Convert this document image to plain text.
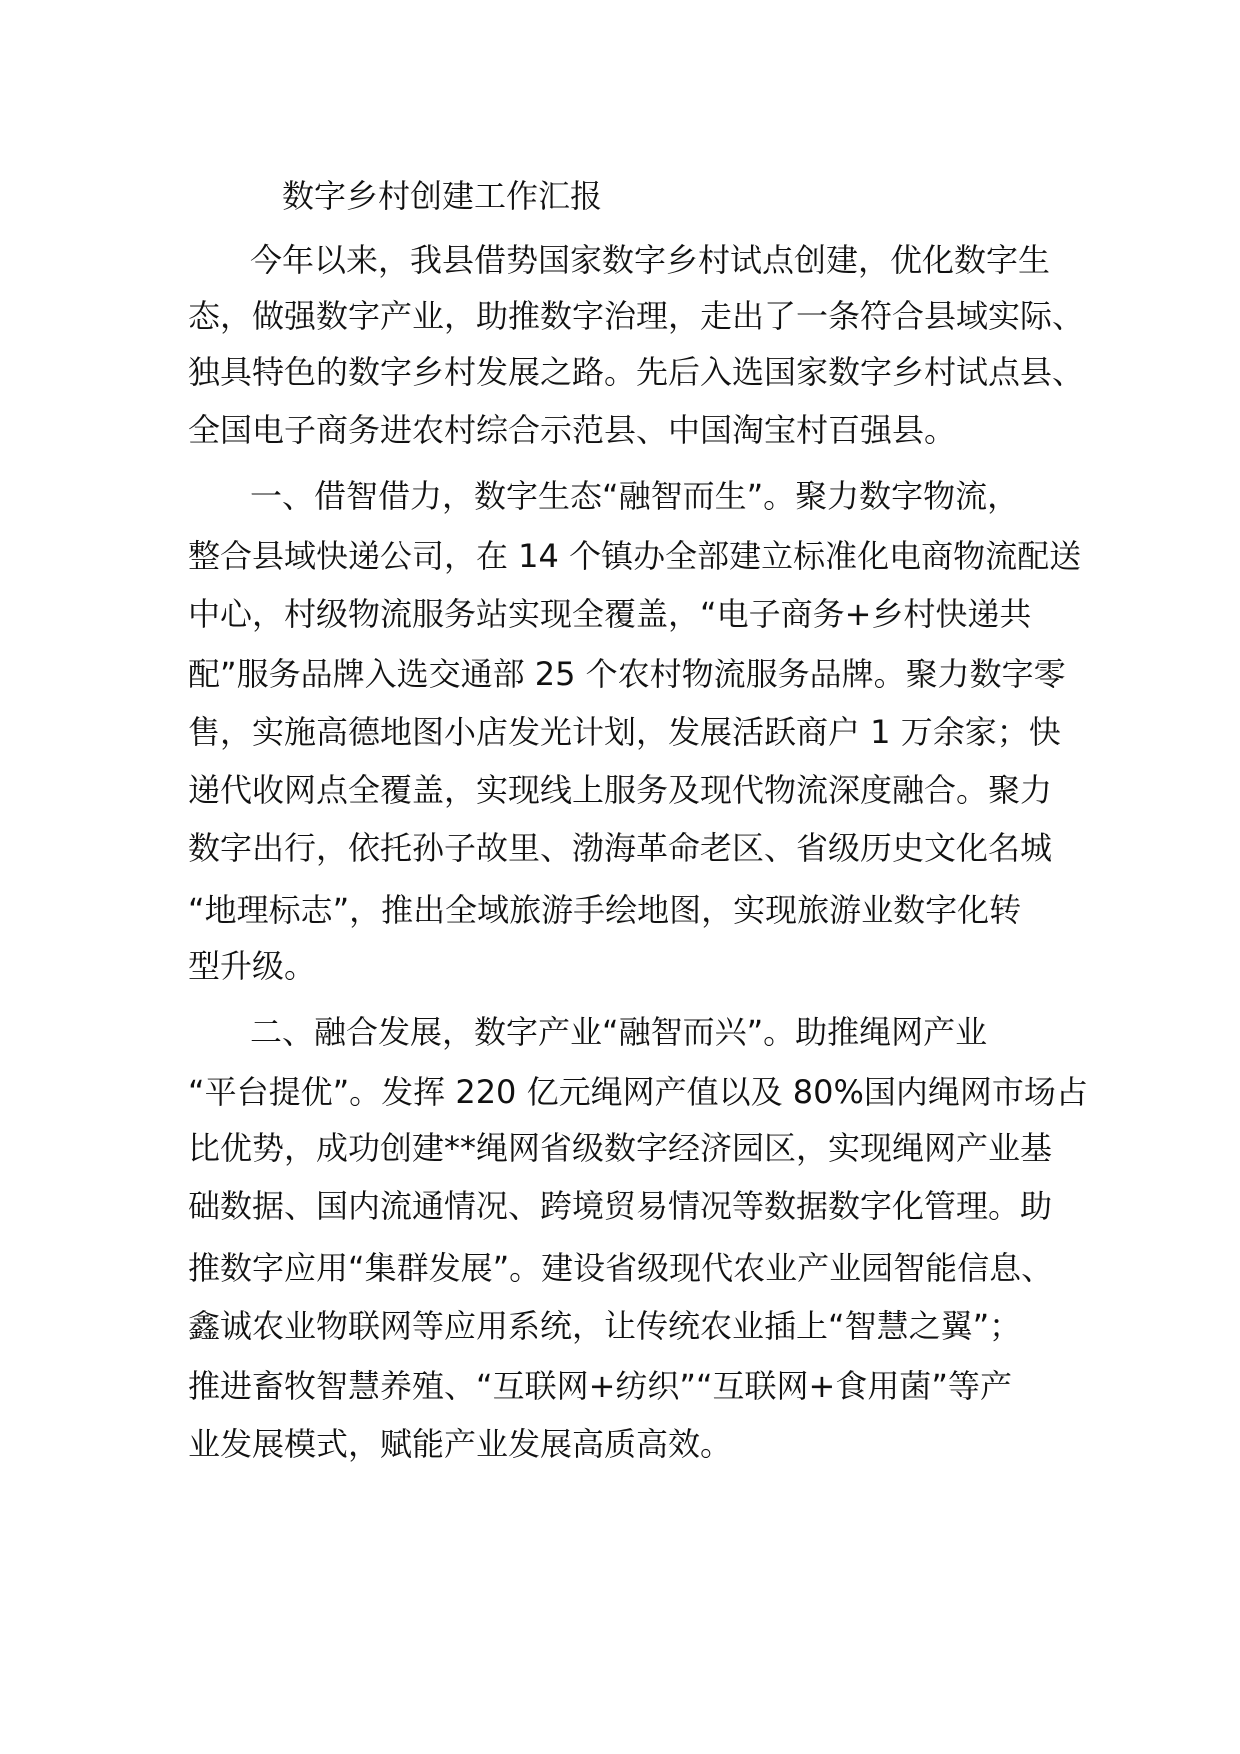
数字乡村创建工作汇报
今年以来，我县借势国家数字乡村试点创建，优化数字生
态，做强数字产业，助推数字治理，走出了一条符合县域实际、
独具特色的数字乡村发展之路。先后入选国家数字乡村试点县、
全国电子商务进农村综合示范县、中国淘宝村百强县。
一、借智借力，数字生态“融智而生”。聚力数字物流，
整合县域快递公司，在 14 个镇办全部建立标准化电商物流配送
中心，村级物流服务站实现全覆盖，“电子商务+乡村快递共
配”服务品牌入选交通部 25 个农村物流服务品牌。聚力数字零
售，实施高德地图小店发光计划，发展活跃商户 1 万余家；快
递代收网点全覆盖，实现线上服务及现代物流深度融合。聚力
数字出行，依托孙子故里、渤海革命老区、省级历史文化名城
“地理标志”，推出全域旅游手绘地图，实现旅游业数字化转
型升级。
二、融合发展，数字产业“融智而兴”。助推绳网产业
“平台提优”。发挥 220 亿元绳网产值以及 80%国内绳网市场占
比优势，成功创建**绳网省级数字经济园区，实现绳网产业基
础数据、国内流通情况、跨境贸易情况等数据数字化管理。助
推数字应用“集群发展”。建设省级现代农业产业园智能信息、
鑫诚农业物联网等应用系统，让传统农业插上“智慧之翼”；
推进畜牧智慧养殖、“互联网+纺织”“互联网+食用菌”等产
业发展模式，赋能产业发展高质高效。
